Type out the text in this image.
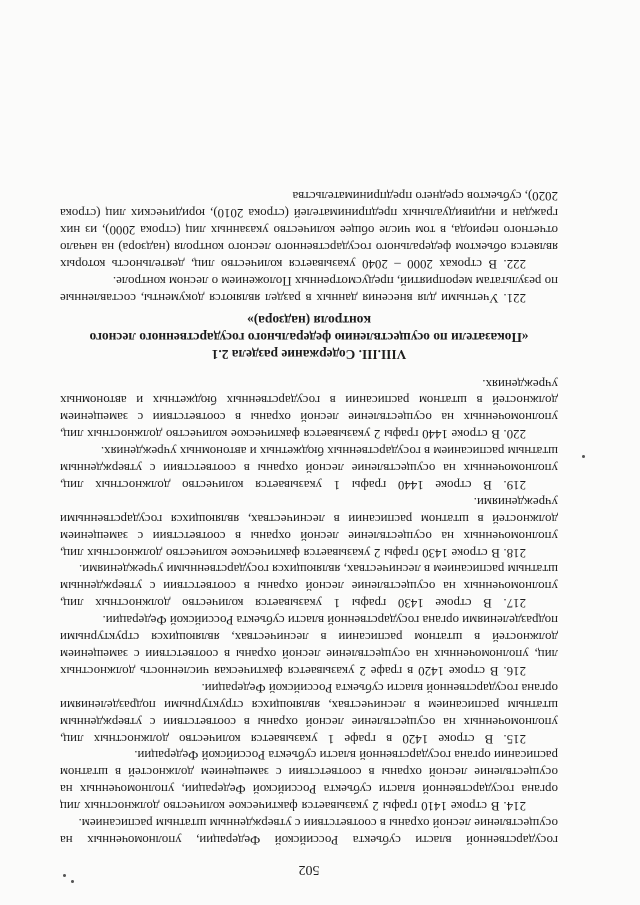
502

государственной власти субъекта Российской Федерации, уполномоченных на осуществление лесной охраны в соответствии с утвержденным штатным расписанием.

214. В строке 1410 графы 2 указывается фактическое количество должностных лиц органа государственной власти субъекта Российской Федерации, уполномоченных на осуществление лесной охраны в соответствии с замещением должностей в штатном расписании органа государственной власти субъекта Российской Федерации.

215. В строке 1420 в графе 1 указывается количество должностных лиц, уполномоченных на осуществление лесной охраны в соответствии с утвержденным штатным расписанием в лесничествах, являющихся структурными подразделениями органа государственной власти субъекта Российской Федерации.

216. В строке 1420 в графе 2 указывается фактическая численность должностных лиц, уполномоченных на осуществление лесной охраны в соответствии с замещением должностей в штатном расписании в лесничествах, являющихся структурными подразделениями органа государственной власти субъекта Российской Федерации.

217. В строке 1430 графы 1 указывается количество должностных лиц, уполномоченных на осуществление лесной охраны в соответствии с утвержденным штатным расписанием в лесничествах, являющихся государственными учреждениями.

218. В строке 1430 графы 2 указывается фактическое количество должностных лиц, уполномоченных на осуществление лесной охраны в соответствии с замещением должностей в штатном расписании в лесничествах, являющихся государственными учреждениями.

219. В строке 1440 графы 1 указывается количество должностных лиц, уполномоченных на осуществление лесной охраны в соответствии с утвержденным штатным расписанием в государственных бюджетных и автономных учреждениях.

220. В строке 1440 графы 2 указывается фактическое количество должностных лиц, уполномоченных на осуществление лесной охраны в соответствии с замещением должностей в штатном расписании в государственных бюджетных и автономных учреждениях.

VIII.III. Содержание раздела 2.1
«Показатели по осуществлению федерального государственного лесного контроля (надзора)»

221. Учетными для внесения данных в раздел являются документы, составленные по результатам мероприятий, предусмотренных Положением о лесном контроле.

222. В строках 2000 – 2040 указывается количество лиц, деятельность которых является объектом федерального государственного лесного контроля (надзора) на начало отчетного периода, в том числе общее количество указанных лиц (строка 2000), из них граждан и индивидуальных предпринимателей (строка 2010), юридических лиц (строка 2020), субъектов среднего предпринимательства
